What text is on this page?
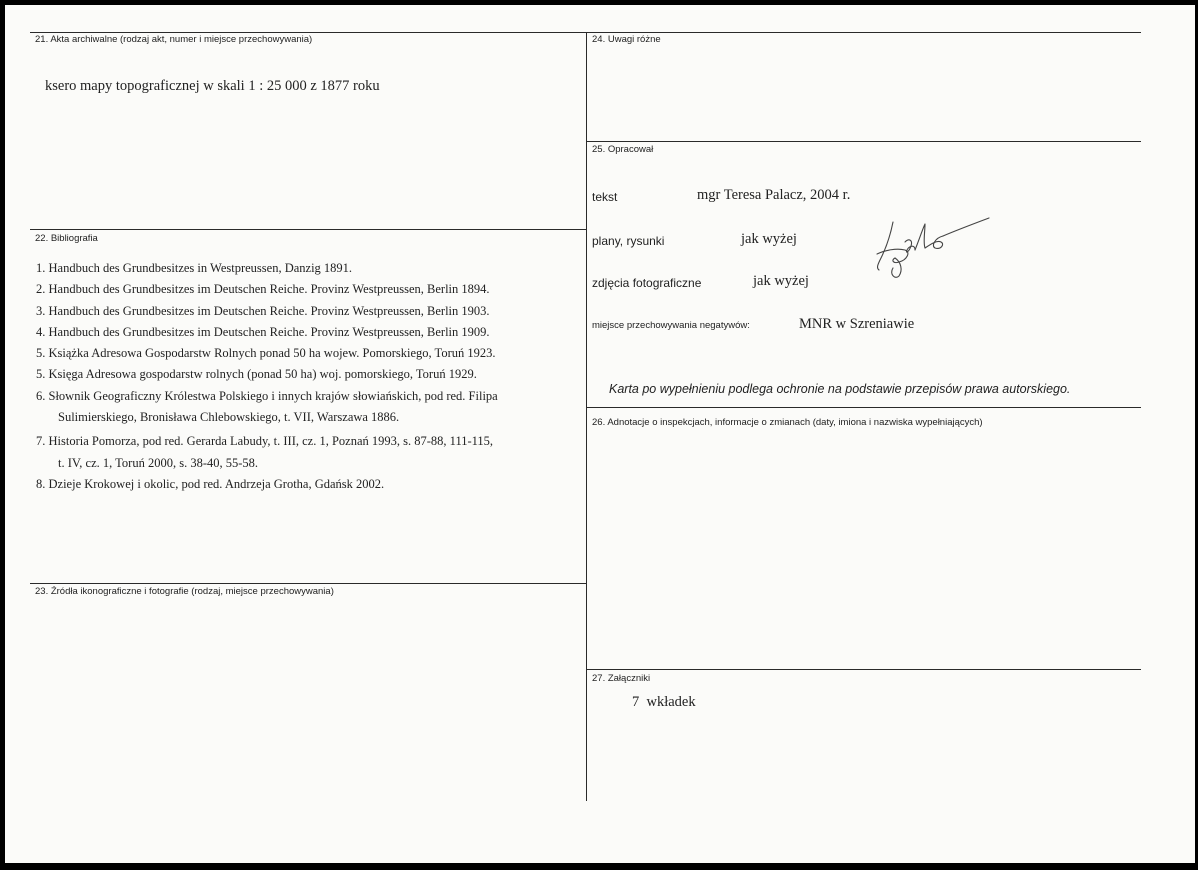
21. Akta archiwalne (rodzaj akt, numer i miejsce przechowywania)
ksero mapy topograficznej w skali 1 : 25 000 z 1877 roku
22. Bibliografia
1. Handbuch des Grundbesitzes in Westpreussen, Danzig 1891.
2. Handbuch des Grundbesitzes im Deutschen Reiche. Provinz Westpreussen, Berlin 1894.
3. Handbuch des Grundbesitzes im Deutschen Reiche. Provinz Westpreussen, Berlin 1903.
4. Handbuch des Grundbesitzes im Deutschen Reiche. Provinz Westpreussen, Berlin 1909.
5. Książka Adresowa Gospodarstw Rolnych ponad 50 ha wojew. Pomorskiego, Toruń 1923.
5. Księga Adresowa gospodarstw rolnych (ponad 50 ha) woj. pomorskiego, Toruń 1929.
6. Słownik Geograficzny Królestwa Polskiego i innych krajów słowiańskich, pod red. Filipa
Sulimierskiego, Bronisława Chlebowskiego, t. VII, Warszawa 1886.
7. Historia Pomorza, pod red. Gerarda Labudy, t. III, cz. 1, Poznań 1993, s. 87-88, 111-115,
t. IV, cz. 1, Toruń 2000, s. 38-40, 55-58.
8. Dzieje Krokowej i okolic, pod red. Andrzeja Grotha, Gdańsk 2002.
23. Źródła ikonograficzne i fotografie (rodzaj, miejsce przechowywania)
24. Uwagi różne
25. Opracował
tekst	mgr Teresa Palacz, 2004 r.
plany, rysunki	jak wyżej
zdjęcia fotograficzne	jak wyżej
miejsce przechowywania negatywów:	MNR w Szreniawie
Karta po wypełnieniu podlega ochronie na podstawie przepisów prawa autorskiego.
26. Adnotacje o inspekcjach, informacje o zmianach (daty, imiona i nazwiska wypełniających)
27. Załączniki
7  wkładek
